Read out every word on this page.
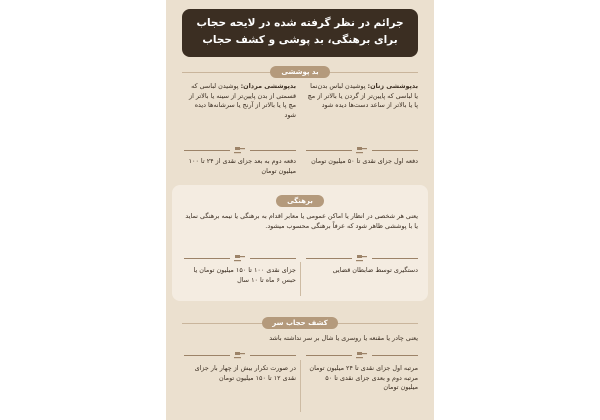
جرائم در نظر گرفته شده در لایحه حجاب
برای برهنگی، بد پوشی و کشف حجاب
بد پوششی
بدپوششی زنان: پوشیدن لباس بدن‌نما یا لباسی که پایین‌تر از گردن یا بالاتر از مچ پا یا بالاتر از ساعد دست‌ها دیده شود
بدپوششی مردان: پوشیدن لباسی که قسمتی از بدن پایین‌تر از سینه یا بالاتر از مچ پا یا بالاتر از آرنج یا سرشانه‌ها دیده شود
دفعه اول جزای نقدی تا ۵۰ میلیون تومان
دفعه دوم به بعد جزای نقدی از ۲۴ تا ۱۰۰ میلیون تومان
برهنگی
یعنی هر شخصی در انظار یا اماکن عمومی یا معابر اقدام به برهنگی یا نیمه برهنگی نماید یا با پوششی ظاهر شود که عرفاً برهنگی محسوب میشود.
دستگیری توسط ضابطان قضایی
جزای نقدی ۱۰۰ تا ۱۵۰ میلیون تومان یا حبس ۶ ماه تا ۱۰ سال
کشف حجاب سر
یعنی چادر یا مقنعه یا روسری یا شال بر سر نداشته باشد
مرتبه اول جزای نقدی تا ۲۴ میلیون تومان مرتبه دوم و بعدی جزای نقدی تا ۵۰ میلیون تومان
در صورت تکرار بیش از چهار بار جزای نقدی ۱۲ تا ۱۵۰ میلیون تومان
